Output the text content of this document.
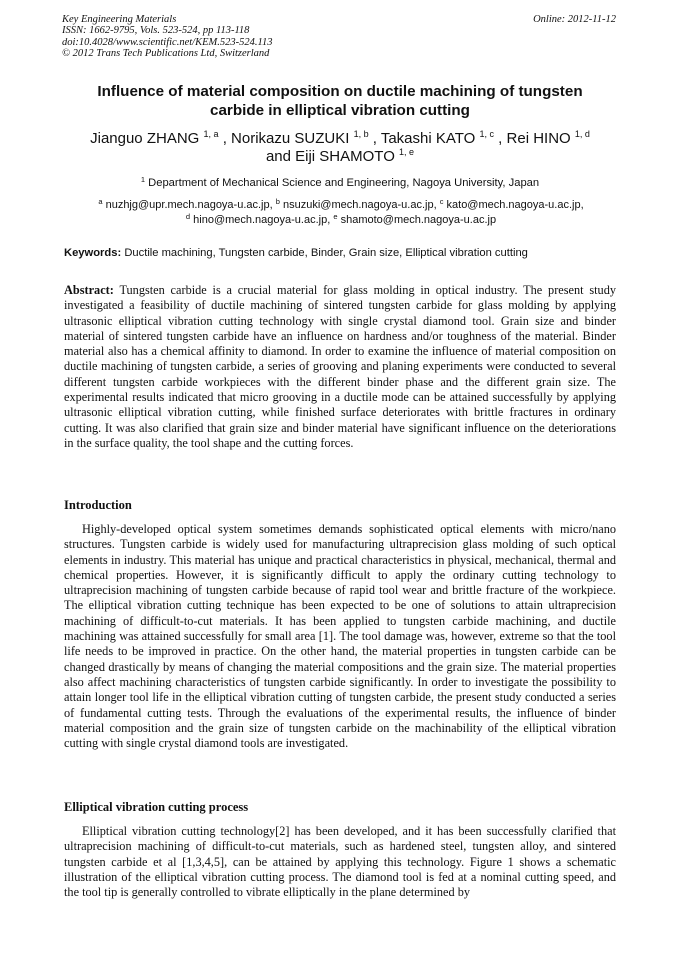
Key Engineering Materials
ISSN: 1662-9795, Vols. 523-524, pp 113-118
doi:10.4028/www.scientific.net/KEM.523-524.113
© 2012 Trans Tech Publications Ltd, Switzerland
Online: 2012-11-12
Influence of material composition on ductile machining of tungsten carbide in elliptical vibration cutting
Jianguo ZHANG $^{1, a}$ , Norikazu SUZUKI $^{1, b}$ , Takashi KATO $^{1, c}$ , Rei HINO $^{1, d}$
and Eiji SHAMOTO $^{1, e}$
$^1$ Department of Mechanical Science and Engineering, Nagoya University, Japan
$^a$ nuzhjg@upr.mech.nagoya-u.ac.jp, $^b$ nsuzuki@mech.nagoya-u.ac.jp, $^c$ kato@mech.nagoya-u.ac.jp,
$^d$ hino@mech.nagoya-u.ac.jp, $^e$ shamoto@mech.nagoya-u.ac.jp
Keywords: Ductile machining, Tungsten carbide, Binder, Grain size, Elliptical vibration cutting
Abstract: Tungsten carbide is a crucial material for glass molding in optical industry. The present study investigated a feasibility of ductile machining of sintered tungsten carbide for glass molding by applying ultrasonic elliptical vibration cutting technology with single crystal diamond tool. Grain size and binder material of sintered tungsten carbide have an influence on hardness and/or toughness of the material. Binder material also has a chemical affinity to diamond. In order to examine the influence of material composition on ductile machining of tungsten carbide, a series of grooving and planing experiments were conducted to several different tungsten carbide workpieces with the different binder phase and the different grain size. The experimental results indicated that micro grooving in a ductile mode can be attained successfully by applying ultrasonic elliptical vibration cutting, while finished surface deteriorates with brittle fractures in ordinary cutting. It was also clarified that grain size and binder material have significant influence on the deteriorations in the surface quality, the tool shape and the cutting forces.
Introduction
Highly-developed optical system sometimes demands sophisticated optical elements with micro/nano structures. Tungsten carbide is widely used for manufacturing ultraprecision glass molding of such optical elements in industry. This material has unique and practical characteristics in physical, mechanical, thermal and chemical properties. However, it is significantly difficult to apply the ordinary cutting technology to ultraprecision machining of tungsten carbide because of rapid tool wear and brittle fracture of the workpiece. The elliptical vibration cutting technique has been expected to be one of solutions to attain ultraprecision machining of difficult-to-cut materials. It has been applied to tungsten carbide machining, and ductile machining was attained successfully for small area [1]. The tool damage was, however, extreme so that the tool life needs to be improved in practice. On the other hand, the material properties in tungsten carbide can be changed drastically by means of changing the material compositions and the grain size. The material properties also affect machining characteristics of tungsten carbide significantly. In order to investigate the possibility to attain longer tool life in the elliptical vibration cutting of tungsten carbide, the present study conducted a series of fundamental cutting tests. Through the evaluations of the experimental results, the influence of binder material composition and the grain size of tungsten carbide on the machinability of the elliptical vibration cutting with single crystal diamond tools are investigated.
Elliptical vibration cutting process
Elliptical vibration cutting technology[2] has been developed, and it has been successfully clarified that ultraprecision machining of difficult-to-cut materials, such as hardened steel, tungsten alloy, and sintered tungsten carbide et al [1,3,4,5], can be attained by applying this technology. Figure 1 shows a schematic illustration of the elliptical vibration cutting process. The diamond tool is fed at a nominal cutting speed, and the tool tip is generally controlled to vibrate elliptically in the plane determined by
